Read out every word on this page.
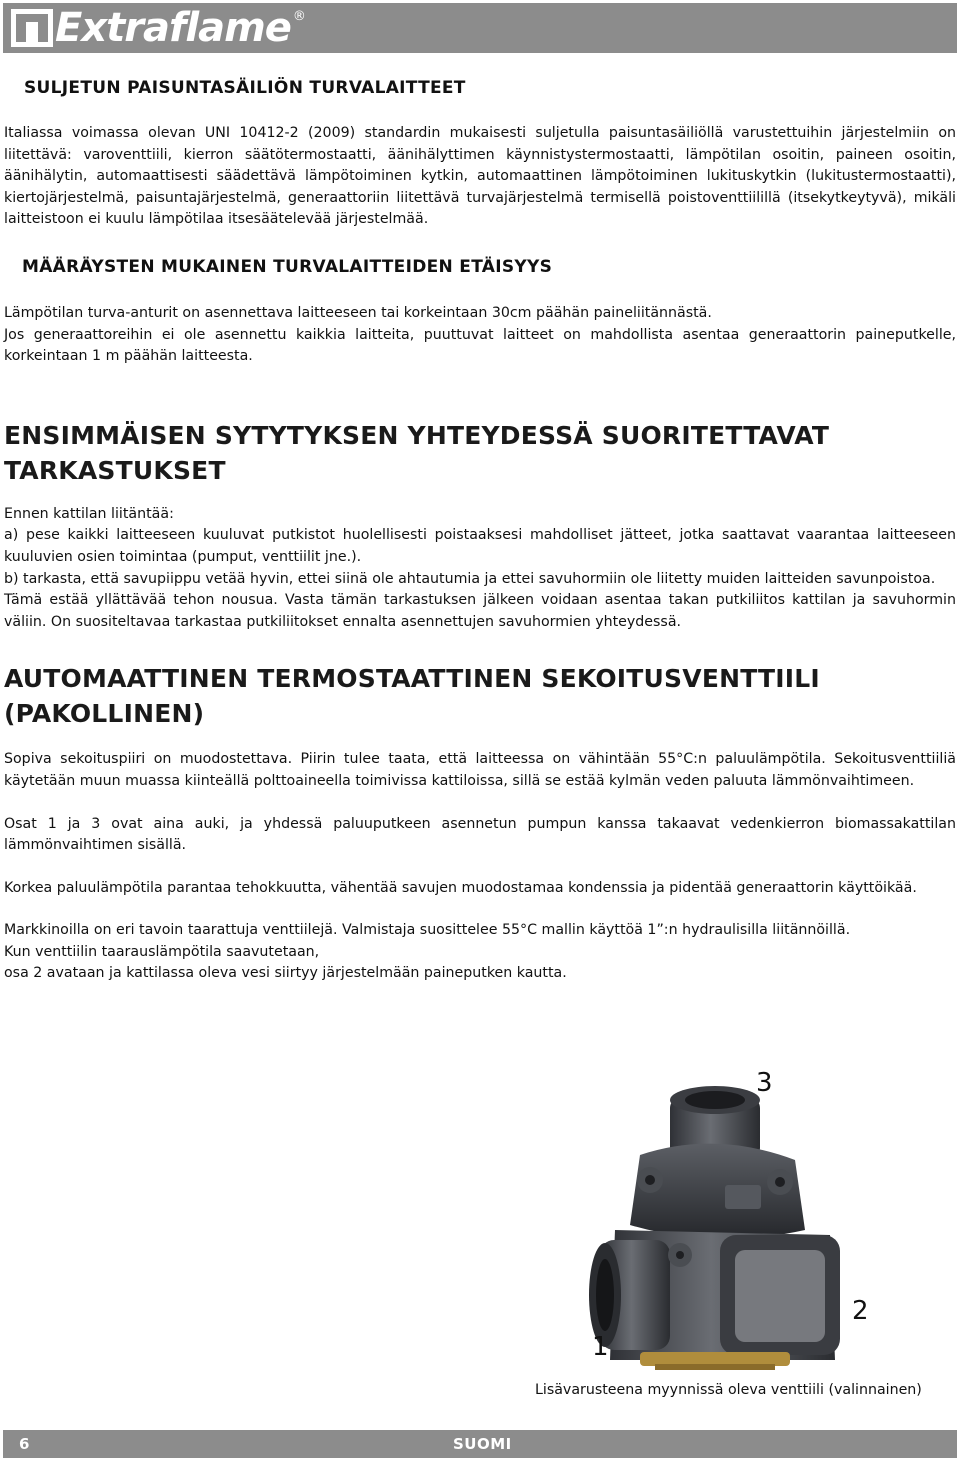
Extraflame ®
SULJETUN PAISUNTASÄILIÖN TURVALAITTEET

Italiassa voimassa olevan UNI 10412-2 (2009) standardin mukaisesti suljetulla paisuntasäiliöllä varustettuihin järjestelmiin on liitettävä: varoventtiili, kierron säätötermostaatti, äänihälyttimen käynnistystermostaatti, lämpötilan osoitin, paineen osoitin, äänihälytin, automaattisesti säädettävä lämpötoiminen kytkin, automaattinen lämpötoiminen lukituskytkin (lukitustermostaatti), kiertojärjestelmä, paisuntajärjestelmä, generaattoriin liitettävä turvajärjestelmä termisellä poistoventtiilillä (itsekytkeytyvä), mikäli laitteistoon ei kuulu lämpötilaa itsesäätelevää järjestelmää.

MÄÄRÄYSTEN MUKAINEN TURVALAITTEIDEN ETÄISYYS

Lämpötilan turva-anturit on asennettava laitteeseen tai korkeintaan 30cm päähän paineliitännästä.

Jos generaattoreihin ei ole asennettu kaikkia laitteita, puuttuvat laitteet on mahdollista asentaa generaattorin paineputkelle, korkeintaan 1 m päähän laitteesta.

ENSIMMÄISEN SYTYTYKSEN YHTEYDESSÄ SUORITETTAVAT
TARKASTUKSET

Ennen kattilan liitäntää:

a) pese kaikki laitteeseen kuuluvat putkistot huolellisesti poistaaksesi mahdolliset jätteet, jotka saattavat vaarantaa laitteeseen kuuluvien osien toimintaa (pumput, venttiilit jne.).

b) tarkasta, että savupiippu vetää hyvin, ettei siinä ole ahtautumia ja ettei savuhormiin ole liitetty muiden laitteiden savunpoistoa.

Tämä estää yllättävää tehon nousua. Vasta tämän tarkastuksen jälkeen voidaan asentaa takan putkiliitos kattilan ja savuhormin väliin. On suositeltavaa tarkastaa putkiliitokset ennalta asennettujen savuhormien yhteydessä.

AUTOMAATTINEN TERMOSTAATTINEN SEKOITUSVENTTIILI
(PAKOLLINEN)

Sopiva sekoituspiiri on muodostettava. Piirin tulee taata, että laitteessa on vähintään 55°C:n paluulämpötila. Sekoitusventtiiliä käytetään muun muassa kiinteällä polttoaineella toimivissa kattiloissa, sillä se estää kylmän veden paluuta lämmönvaihtimeen.

Osat 1 ja 3 ovat aina auki, ja yhdessä paluuputkeen asennetun pumpun kanssa takaavat vedenkierron biomassakattilan lämmönvaihtimen sisällä.

Korkea paluulämpötila parantaa tehokkuutta, vähentää savujen muodostamaa kondenssia ja pidentää generaattorin käyttöikää.

Markkinoilla on eri tavoin taarattuja venttiilejä. Valmistaja suosittelee 55°C mallin käyttöä 1”:n hydraulisilla liitännöillä.

Kun venttiilin taarauslämpötila saavutetaan,

osa 2 avataan ja kattilassa oleva vesi siirtyy järjestelmään paineputken kautta.

3
2
1
Lisävarusteena myynnissä oleva venttiili (valinnainen)
6	SUOMI
